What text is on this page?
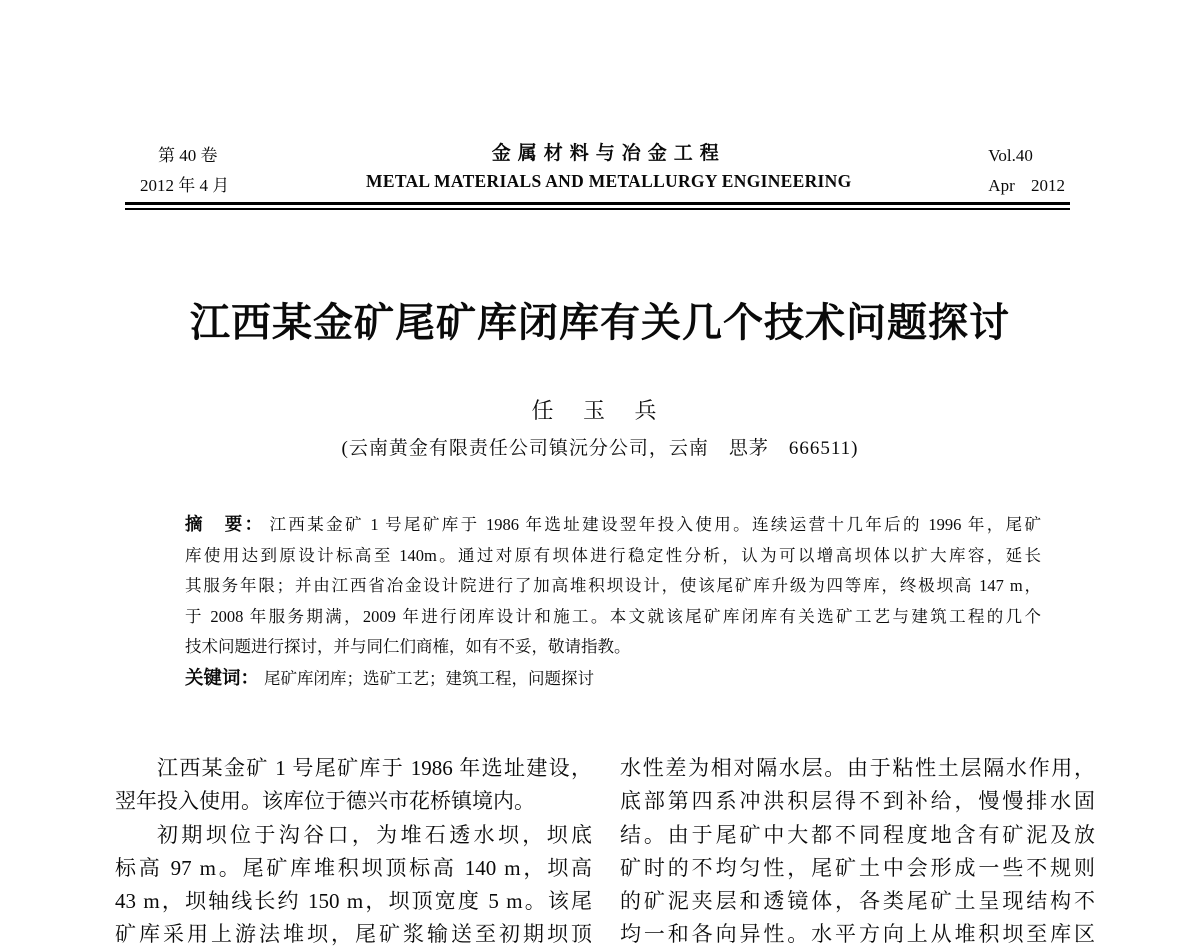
第 40 卷
2012 年 4 月
金属材料与冶金工程
METAL MATERIALS AND METALLURGY ENGINEERING
Vol.40
Apr 2012
江西某金矿尾矿库闭库有关几个技术问题探讨
任 玉 兵
(云南黄金有限责任公司镇沅分公司，云南　思茅　666511)
摘　要： 江西某金矿 1 号尾矿库于 1986 年选址建设翌年投入使用。连续运营十几年后的 1996 年，尾矿
库使用达到原设计标高至 140m。通过对原有坝体进行稳定性分析，认为可以增高坝体以扩大库容，延长
其服务年限；并由江西省冶金设计院进行了加高堆积坝设计，使该尾矿库升级为四等库，终极坝高 147 m，
于 2008 年服务期满，2009 年进行闭库设计和施工。本文就该尾矿库闭库有关选矿工艺与建筑工程的几个
技术问题进行探讨，并与同仁们商榷，如有不妥，敬请指教。
关键词： 尾矿库闭库；选矿工艺；建筑工程，问题探讨
江西某金矿 1 号尾矿库于 1986 年选址建设，
翌年投入使用。该库位于德兴市花桥镇境内。
初期坝位于沟谷口，为堆石透水坝，坝底
标高 97 m。尾矿库堆积坝顶标高 140 m，坝高
43 m，坝轴线长约 150 m，坝顶宽度 5 m。该尾
矿库采用上游法堆坝，尾矿浆输送至初期坝顶
水性差为相对隔水层。由于粘性土层隔水作用，
底部第四系冲洪积层得不到补给，慢慢排水固
结。由于尾矿中大都不同程度地含有矿泥及放
矿时的不均匀性，尾矿土中会形成一些不规则
的矿泥夹层和透镜体，各类尾矿土呈现结构不
均一和各向异性。水平方向上从堆积坝至库区
